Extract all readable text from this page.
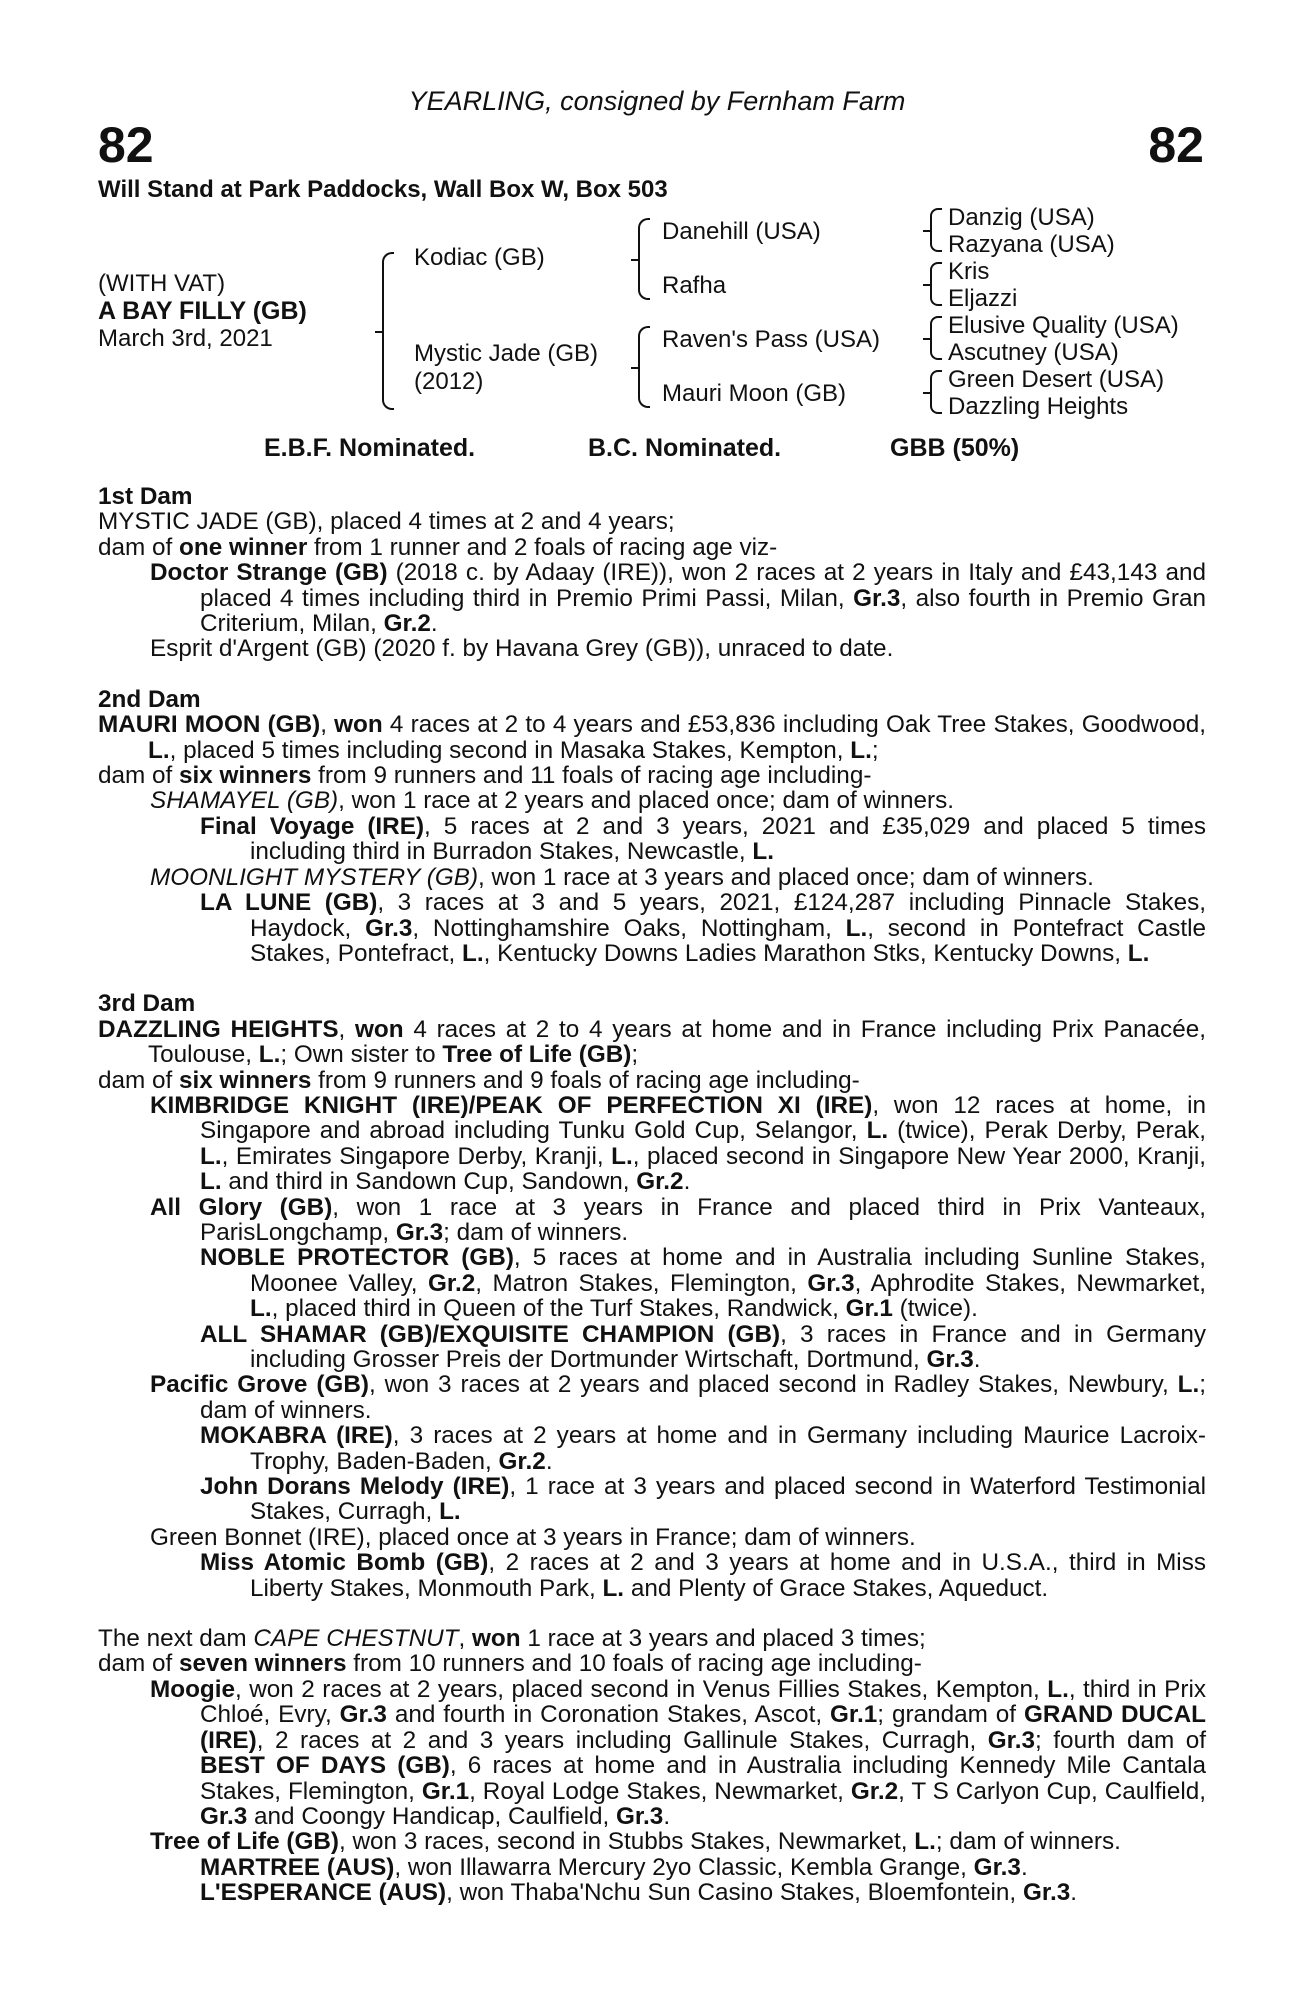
YEARLING, consigned by Fernham Farm
82	82
Will Stand at Park Paddocks, Wall Box W, Box 503
(WITH VAT)
A BAY FILLY (GB)
March 3rd, 2021
Kodiac (GB)
Mystic Jade (GB)
(2012)
Danehill (USA)
Rafha
Raven's Pass (USA)
Mauri Moon (GB)
Danzig (USA)
Razyana (USA)
Kris
Eljazzi
Elusive Quality (USA)
Ascutney (USA)
Green Desert (USA)
Dazzling Heights
E.B.F. Nominated.	B.C. Nominated.	GBB (50%)

1st Dam

MYSTIC JADE (GB), placed 4 times at 2 and 4 years;

dam of one winner from 1 runner and 2 foals of racing age viz-

Doctor Strange (GB) (2018 c. by Adaay (IRE)), won 2 races at 2 years in Italy and £43,143 and placed 4 times including third in Premio Primi Passi, Milan, Gr.3, also fourth in Premio Gran Criterium, Milan, Gr.2.

Esprit d'Argent (GB) (2020 f. by Havana Grey (GB)), unraced to date.

2nd Dam

MAURI MOON (GB), won 4 races at 2 to 4 years and £53,836 including Oak Tree Stakes, Goodwood, L., placed 5 times including second in Masaka Stakes, Kempton, L.;

dam of six winners from 9 runners and 11 foals of racing age including-

SHAMAYEL (GB), won 1 race at 2 years and placed once; dam of winners.

Final Voyage (IRE), 5 races at 2 and 3 years, 2021 and £35,029 and placed 5 times including third in Burradon Stakes, Newcastle, L.

MOONLIGHT MYSTERY (GB), won 1 race at 3 years and placed once; dam of winners.

LA LUNE (GB), 3 races at 3 and 5 years, 2021, £124,287 including Pinnacle Stakes, Haydock, Gr.3, Nottinghamshire Oaks, Nottingham, L., second in Pontefract Castle Stakes, Pontefract, L., Kentucky Downs Ladies Marathon Stks, Kentucky Downs, L.

3rd Dam

DAZZLING HEIGHTS, won 4 races at 2 to 4 years at home and in France including Prix Panacée, Toulouse, L.; Own sister to Tree of Life (GB);

dam of six winners from 9 runners and 9 foals of racing age including-

KIMBRIDGE KNIGHT (IRE)/PEAK OF PERFECTION XI (IRE), won 12 races at home, in Singapore and abroad including Tunku Gold Cup, Selangor, L. (twice), Perak Derby, Perak, L., Emirates Singapore Derby, Kranji, L., placed second in Singapore New Year 2000, Kranji, L. and third in Sandown Cup, Sandown, Gr.2.

All Glory (GB), won 1 race at 3 years in France and placed third in Prix Vanteaux, ParisLongchamp, Gr.3; dam of winners.

NOBLE PROTECTOR (GB), 5 races at home and in Australia including Sunline Stakes, Moonee Valley, Gr.2, Matron Stakes, Flemington, Gr.3, Aphrodite Stakes, Newmarket, L., placed third in Queen of the Turf Stakes, Randwick, Gr.1 (twice).

ALL SHAMAR (GB)/EXQUISITE CHAMPION (GB), 3 races in France and in Germany including Grosser Preis der Dortmunder Wirtschaft, Dortmund, Gr.3.

Pacific Grove (GB), won 3 races at 2 years and placed second in Radley Stakes, Newbury, L.; dam of winners.

MOKABRA (IRE), 3 races at 2 years at home and in Germany including Maurice Lacroix-Trophy, Baden-Baden, Gr.2.

John Dorans Melody (IRE), 1 race at 3 years and placed second in Waterford Testimonial Stakes, Curragh, L.

Green Bonnet (IRE), placed once at 3 years in France; dam of winners.

Miss Atomic Bomb (GB), 2 races at 2 and 3 years at home and in U.S.A., third in Miss Liberty Stakes, Monmouth Park, L. and Plenty of Grace Stakes, Aqueduct.

The next dam CAPE CHESTNUT, won 1 race at 3 years and placed 3 times;

dam of seven winners from 10 runners and 10 foals of racing age including-

Moogie, won 2 races at 2 years, placed second in Venus Fillies Stakes, Kempton, L., third in Prix Chloé, Evry, Gr.3 and fourth in Coronation Stakes, Ascot, Gr.1; grandam of GRAND DUCAL (IRE), 2 races at 2 and 3 years including Gallinule Stakes, Curragh, Gr.3; fourth dam of BEST OF DAYS (GB), 6 races at home and in Australia including Kennedy Mile Cantala Stakes, Flemington, Gr.1, Royal Lodge Stakes, Newmarket, Gr.2, T S Carlyon Cup, Caulfield, Gr.3 and Coongy Handicap, Caulfield, Gr.3.

Tree of Life (GB), won 3 races, second in Stubbs Stakes, Newmarket, L.; dam of winners.

MARTREE (AUS), won Illawarra Mercury 2yo Classic, Kembla Grange, Gr.3.

L'ESPERANCE (AUS), won Thaba'Nchu Sun Casino Stakes, Bloemfontein, Gr.3.
